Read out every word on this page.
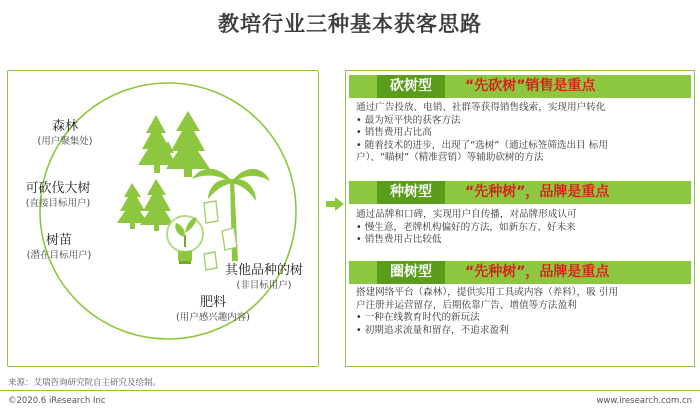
教培行业三种基本获客思路
森林
(用户聚集处)
可砍伐大树
(直接目标用户)
树苗
(潜在目标用户)
其他品种的树
(非目标用户)
肥料
(用户感兴趣内容)
砍树型	“先砍树”销售是重点
通过广告投放、电销、社群等获得销售线索，实现用户转化
• 最为短平快的获客方法
• 销售费用占比高
• 随着技术的进步，出现了“选树”（通过标签筛选出目 标用
户）、“瞄树”（精准营销）等辅助砍树的方法
种树型	“先种树”，品牌是重点
通过品牌和口碑，实现用户自传播，对品牌形成认可
• 慢生意，老牌机构偏好的方法，如新东方、好未来
• 销售费用占比较低
圈树型	“先种树”，品牌是重点
搭建网络平台（森林），提供实用工具或内容（养料），吸 引用
户注册并运营留存，后期依靠广告、增值等方法盈利
• 一种在线教育时代的新玩法
• 初期追求流量和留存，不追求盈利
来源：艾瑞咨询研究院自主研究及绘制。
©2020.6 iResearch Inc	www.iresearch.com.cn
